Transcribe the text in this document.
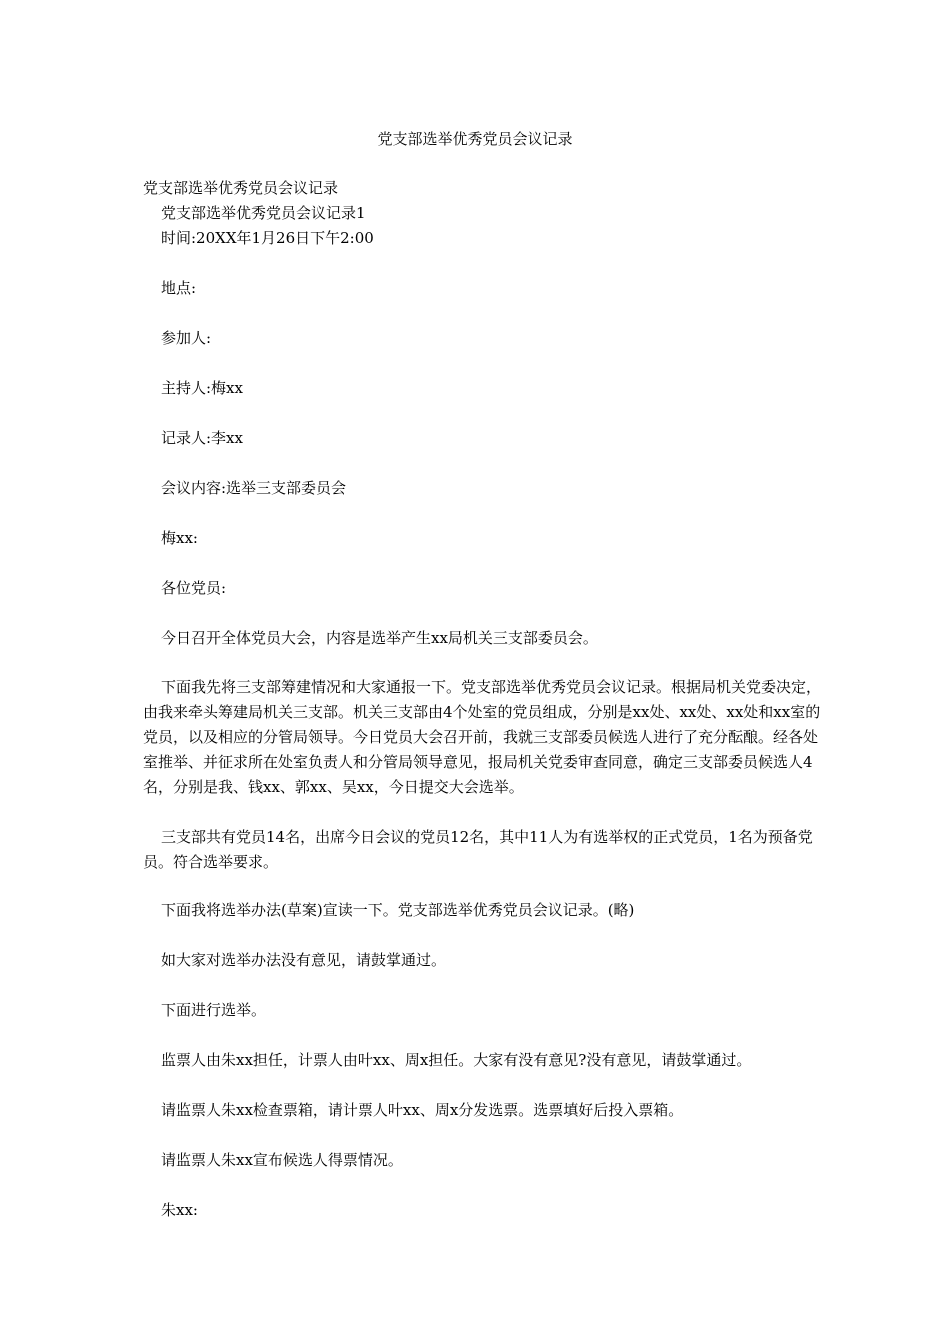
党支部选举优秀党员会议记录
党支部选举优秀党员会议记录
党支部选举优秀党员会议记录1
时间:20XX年1月26日下午2:00
地点:
参加人:
主持人:梅xx
记录人:李xx
会议内容:选举三支部委员会
梅xx:
各位党员:
今日召开全体党员大会，内容是选举产生xx局机关三支部委员会。
下面我先将三支部筹建情况和大家通报一下。党支部选举优秀党员会议记录。根据局机关党委决定，由我来牵头筹建局机关三支部。机关三支部由4个处室的党员组成，分别是xx处、xx处、xx处和xx室的党员，以及相应的分管局领导。今日党员大会召开前，我就三支部委员候选人进行了充分酝酿。经各处室推举、并征求所在处室负责人和分管局领导意见，报局机关党委审查同意，确定三支部委员候选人4名，分别是我、钱xx、郭xx、吴xx，今日提交大会选举。
三支部共有党员14名，出席今日会议的党员12名，其中11人为有选举权的正式党员，1名为预备党员。符合选举要求。
下面我将选举办法(草案)宣读一下。党支部选举优秀党员会议记录。(略)
如大家对选举办法没有意见，请鼓掌通过。
下面进行选举。
监票人由朱xx担任，计票人由叶xx、周x担任。大家有没有意见?没有意见，请鼓掌通过。
请监票人朱xx检查票箱，请计票人叶xx、周x分发选票。选票填好后投入票箱。
请监票人朱xx宣布候选人得票情况。
朱xx:
